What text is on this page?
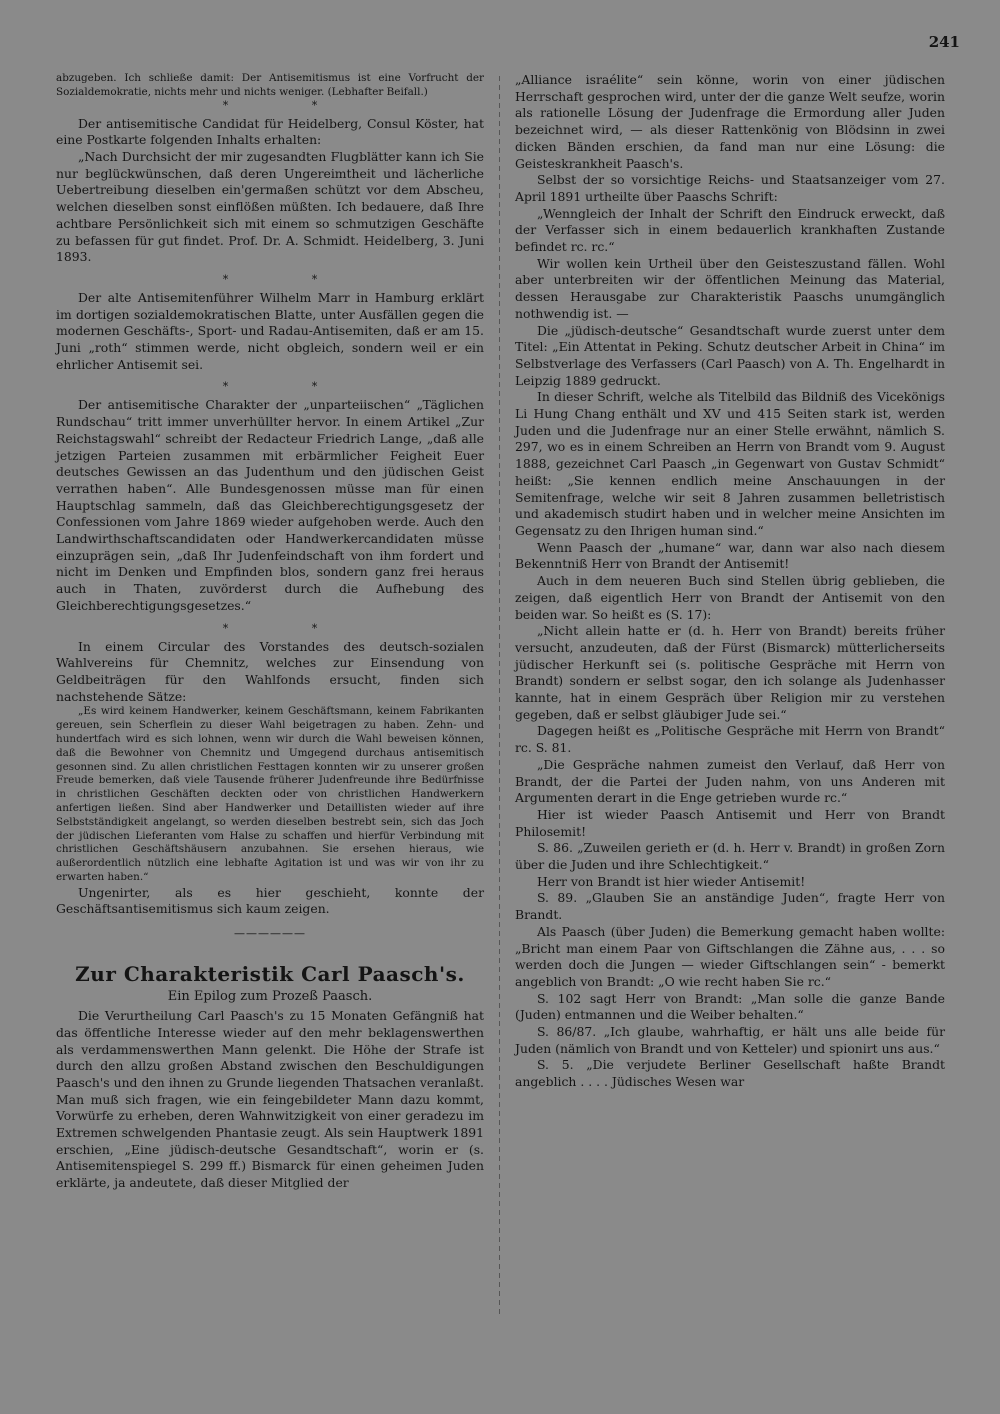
241

abzugeben. Ich schließe damit: Der Antisemitismus ist eine Vorfrucht der Sozialdemokratie, nichts mehr und nichts weniger. (Lebhafter Beifall.)

* *

Der antisemitische Candidat für Heidelberg, Consul Köster, hat eine Postkarte folgenden Inhalts erhalten:

„Nach Durchsicht der mir zugesandten Flugblätter kann ich Sie nur beglückwünschen, daß deren Ungereimtheit und lächerliche Uebertreibung dieselben ein'germaßen schützt vor dem Abscheu, welchen dieselben sonst einflößen müßten. Ich bedauere, daß Ihre achtbare Persönlichkeit sich mit einem so schmutzigen Geschäfte zu befassen für gut findet. Prof. Dr. A. Schmidt. Heidelberg, 3. Juni 1893.

* *

Der alte Antisemitenführer Wilhelm Marr in Hamburg erklärt im dortigen sozialdemokratischen Blatte, unter Ausfällen gegen die modernen Geschäfts-, Sport- und Radau-Antisemiten, daß er am 15. Juni „roth“ stimmen werde, nicht obgleich, sondern weil er ein ehrlicher Antisemit sei.

* *

Der antisemitische Charakter der „unparteiischen“ „Täglichen Rundschau“ tritt immer unverhüllter hervor. In einem Artikel „Zur Reichstagswahl“ schreibt der Redacteur Friedrich Lange, „daß alle jetzigen Parteien zusammen mit erbärmlicher Feigheit Euer deutsches Gewissen an das Judenthum und den jüdischen Geist verrathen haben“. Alle Bundesgenossen müsse man für einen Hauptschlag sammeln, daß das Gleichberechtigungsgesetz der Confessionen vom Jahre 1869 wieder aufgehoben werde. Auch den Landwirthschaftscandidaten oder Handwerkercandidaten müsse einzuprägen sein, „daß Ihr Judenfeindschaft von ihm fordert und nicht im Denken und Empfinden blos, sondern ganz frei heraus auch in Thaten, zuvörderst durch die Aufhebung des Gleichberechtigungsgesetzes.“

* *

In einem Circular des Vorstandes des deutsch-sozialen Wahlvereins für Chemnitz, welches zur Einsendung von Geldbeiträgen für den Wahlfonds ersucht, finden sich nachstehende Sätze:

„Es wird keinem Handwerker, keinem Geschäftsmann, keinem Fabrikanten gereuen, sein Scherflein zu dieser Wahl beigetragen zu haben. Zehn- und hundertfach wird es sich lohnen, wenn wir durch die Wahl beweisen können, daß die Bewohner von Chemnitz und Umgegend durchaus antisemitisch gesonnen sind. Zu allen christlichen Festtagen konnten wir zu unserer großen Freude bemerken, daß viele Tausende früherer Judenfreunde ihre Bedürfnisse in christlichen Geschäften deckten oder von christlichen Handwerkern anfertigen ließen. Sind aber Handwerker und Detaillisten wieder auf ihre Selbstständigkeit angelangt, so werden dieselben bestrebt sein, sich das Joch der jüdischen Lieferanten vom Halse zu schaffen und hierfür Verbindung mit christlichen Geschäftshäusern anzubahnen. Sie ersehen hieraus, wie außerordentlich nützlich eine lebhafte Agitation ist und was wir von ihr zu erwarten haben.“

Ungenirter, als es hier geschieht, konnte der Geschäftsantisemitismus sich kaum zeigen.

——————
Zur Charakteristik Carl Paasch's.
Ein Epilog zum Prozeß Paasch.

Die Verurtheilung Carl Paasch's zu 15 Monaten Gefängniß hat das öffentliche Interesse wieder auf den mehr beklagenswerthen als verdammenswerthen Mann gelenkt. Die Höhe der Strafe ist durch den allzu großen Abstand zwischen den Beschuldigungen Paasch's und den ihnen zu Grunde liegenden Thatsachen veranlaßt. Man muß sich fragen, wie ein feingebildeter Mann dazu kommt, Vorwürfe zu erheben, deren Wahnwitzigkeit von einer geradezu im Extremen schwelgenden Phantasie zeugt. Als sein Hauptwerk 1891 erschien, „Eine jüdisch-deutsche Gesandtschaft“, worin er (s. Antisemitenspiegel S. 299 ff.) Bismarck für einen geheimen Juden erklärte, ja andeutete, daß dieser Mitglied der

„Alliance israélite“ sein könne, worin von einer jüdischen Herrschaft gesprochen wird, unter der die ganze Welt seufze, worin als rationelle Lösung der Judenfrage die Ermordung aller Juden bezeichnet wird, — als dieser Rattenkönig von Blödsinn in zwei dicken Bänden erschien, da fand man nur eine Lösung: die Geisteskrankheit Paasch's.

Selbst der so vorsichtige Reichs- und Staatsanzeiger vom 27. April 1891 urtheilte über Paaschs Schrift:

„Wenngleich der Inhalt der Schrift den Eindruck erweckt, daß der Verfasser sich in einem bedauerlich krankhaften Zustande befindet rc. rc.“

Wir wollen kein Urtheil über den Geisteszustand fällen. Wohl aber unterbreiten wir der öffentlichen Meinung das Material, dessen Herausgabe zur Charakteristik Paaschs unumgänglich nothwendig ist. —

Die „jüdisch-deutsche“ Gesandtschaft wurde zuerst unter dem Titel: „Ein Attentat in Peking. Schutz deutscher Arbeit in China“ im Selbstverlage des Verfassers (Carl Paasch) von A. Th. Engelhardt in Leipzig 1889 gedruckt.

In dieser Schrift, welche als Titelbild das Bildniß des Vicekönigs Li Hung Chang enthält und XV und 415 Seiten stark ist, werden Juden und die Judenfrage nur an einer Stelle erwähnt, nämlich S. 297, wo es in einem Schreiben an Herrn von Brandt vom 9. August 1888, gezeichnet Carl Paasch „in Gegenwart von Gustav Schmidt“ heißt: „Sie kennen endlich meine Anschauungen in der Semitenfrage, welche wir seit 8 Jahren zusammen belletristisch und akademisch studirt haben und in welcher meine Ansichten im Gegensatz zu den Ihrigen human sind.“

Wenn Paasch der „humane“ war, dann war also nach diesem Bekenntniß Herr von Brandt der Antisemit!

Auch in dem neueren Buch sind Stellen übrig geblieben, die zeigen, daß eigentlich Herr von Brandt der Antisemit von den beiden war. So heißt es (S. 17):

„Nicht allein hatte er (d. h. Herr von Brandt) bereits früher versucht, anzudeuten, daß der Fürst (Bismarck) mütterlicherseits jüdischer Herkunft sei (s. politische Gespräche mit Herrn von Brandt) sondern er selbst sogar, den ich solange als Judenhasser kannte, hat in einem Gespräch über Religion mir zu verstehen gegeben, daß er selbst gläubiger Jude sei.“

Dagegen heißt es „Politische Gespräche mit Herrn von Brandt“ rc. S. 81.

„Die Gespräche nahmen zumeist den Verlauf, daß Herr von Brandt, der die Partei der Juden nahm, von uns Anderen mit Argumenten derart in die Enge getrieben wurde rc.“

Hier ist wieder Paasch Antisemit und Herr von Brandt Philosemit!

S. 86. „Zuweilen gerieth er (d. h. Herr v. Brandt) in großen Zorn über die Juden und ihre Schlechtigkeit.“

Herr von Brandt ist hier wieder Antisemit!

S. 89. „Glauben Sie an anständige Juden“, fragte Herr von Brandt.

Als Paasch (über Juden) die Bemerkung gemacht haben wollte: „Bricht man einem Paar von Giftschlangen die Zähne aus, . . . so werden doch die Jungen — wieder Giftschlangen sein“ - bemerkt angeblich von Brandt: „O wie recht haben Sie rc.“

S. 102 sagt Herr von Brandt: „Man solle die ganze Bande (Juden) entmannen und die Weiber behalten.“

S. 86/87. „Ich glaube, wahrhaftig, er hält uns alle beide für Juden (nämlich von Brandt und von Ketteler) und spionirt uns aus.“

S. 5. „Die verjudete Berliner Gesellschaft haßte Brandt angeblich . . . . Jüdisches Wesen war
